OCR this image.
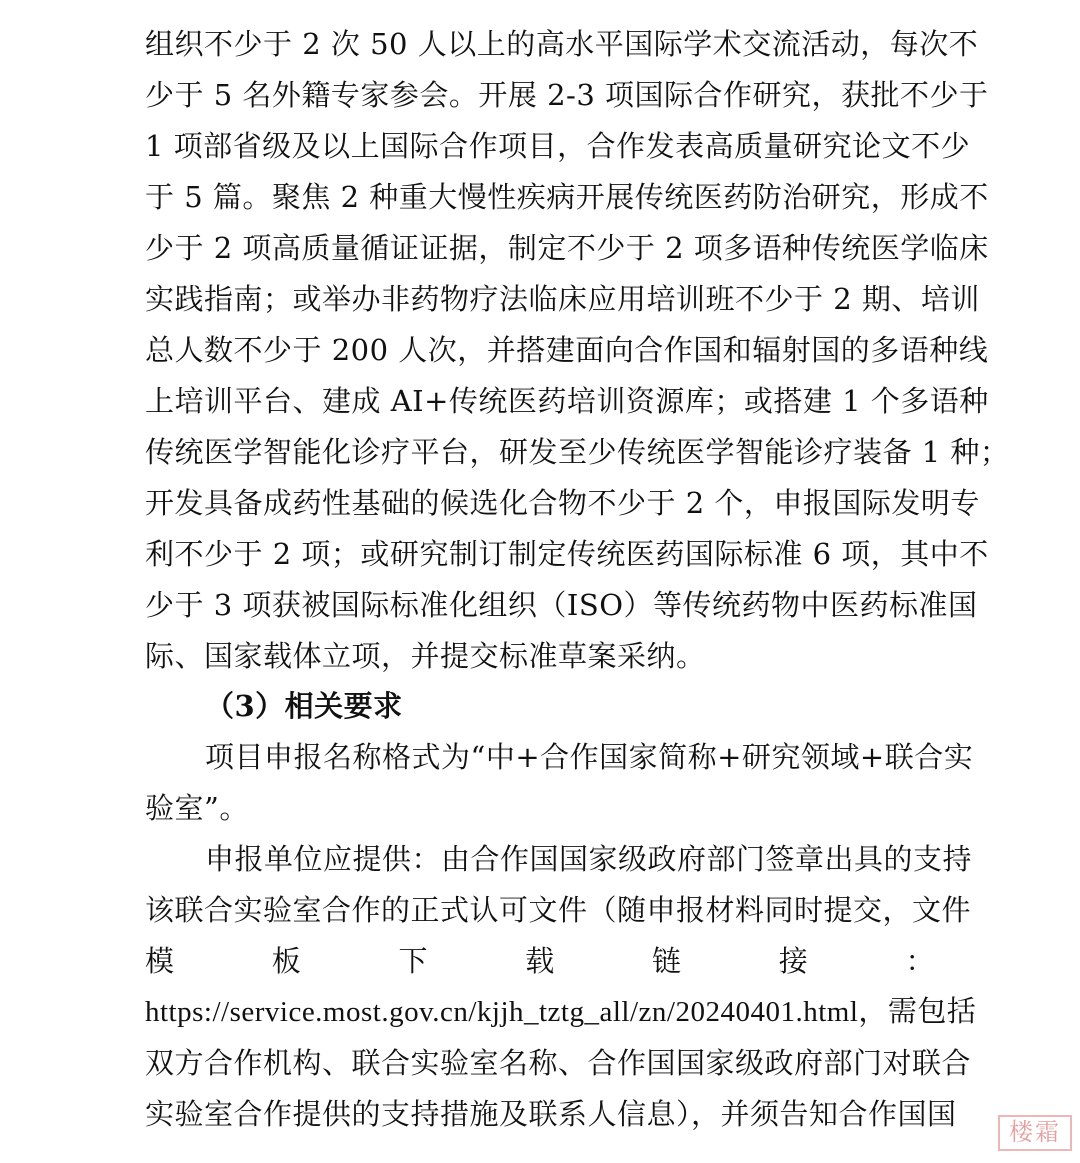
组织不少于 2 次 50 人以上的高水平国际学术交流活动，每次不
少于 5 名外籍专家参会。开展 2-3 项国际合作研究，获批不少于
1 项部省级及以上国际合作项目，合作发表高质量研究论文不少
于 5 篇。聚焦 2 种重大慢性疾病开展传统医药防治研究，形成不
少于 2 项高质量循证证据，制定不少于 2 项多语种传统医学临床
实践指南；或举办非药物疗法临床应用培训班不少于 2 期、培训
总人数不少于 200 人次，并搭建面向合作国和辐射国的多语种线
上培训平台、建成 AI+传统医药培训资源库；或搭建 1 个多语种
传统医学智能化诊疗平台，研发至少传统医学智能诊疗装备 1 种；
开发具备成药性基础的候选化合物不少于 2 个，申报国际发明专
利不少于 2 项；或研究制订制定传统医药国际标准 6 项，其中不
少于 3 项获被国际标准化组织（ISO）等传统药物中医药标准国
际、国家载体立项，并提交标准草案采纳。
（3）相关要求
项目申报名称格式为“中+合作国家简称+研究领域+联合实
验室”。
申报单位应提供：由合作国国家级政府部门签章出具的支持
该联合实验室合作的正式认可文件（随申报材料同时提交，文件
模　　板　　下　　载　　链　　接　　：
https://service.most.gov.cn/kjjh_tztg_all/zn/20240401.html，需包括
双方合作机构、联合实验室名称、合作国国家级政府部门对联合
实验室合作提供的支持措施及联系人信息），并须告知合作国国
楼霜
